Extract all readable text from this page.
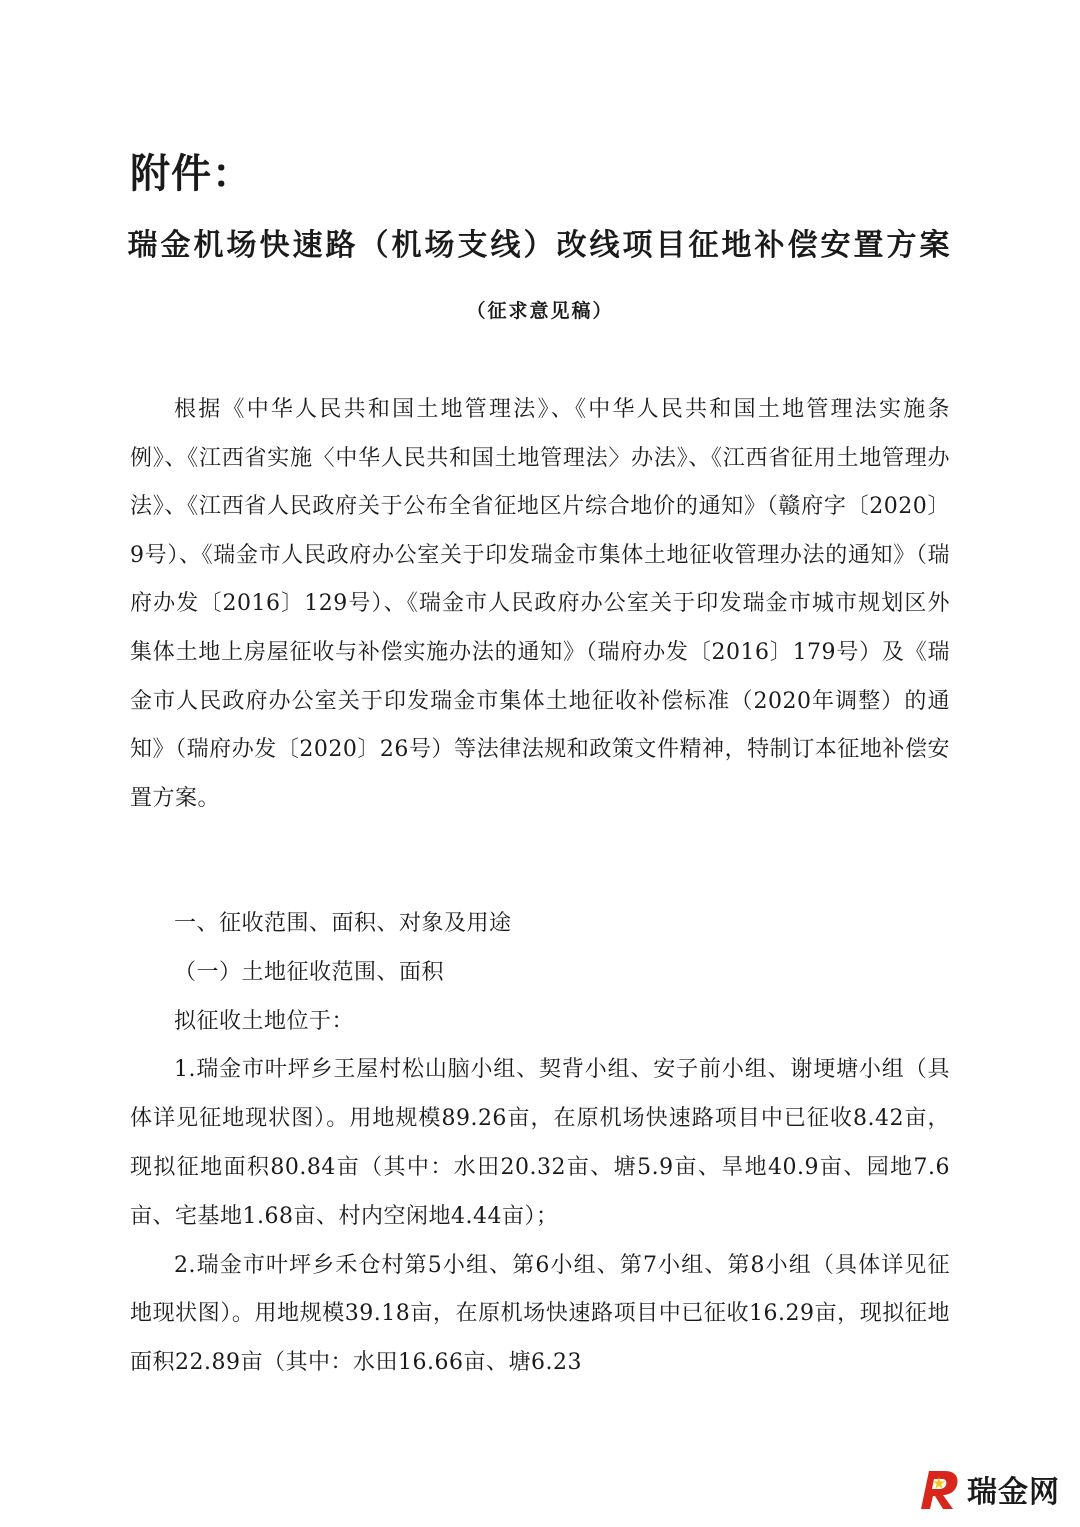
附件：
瑞金机场快速路（机场支线）改线项目征地补偿安置方案
（征求意见稿）

根据《中华人民共和国土地管理法》、《中华人民共和国土地管理法实施条例》、《江西省实施〈中华人民共和国土地管理法〉办法》、《江西省征用土地管理办法》、《江西省人民政府关于公布全省征地区片综合地价的通知》（赣府字〔2020〕9号）、《瑞金市人民政府办公室关于印发瑞金市集体土地征收管理办法的通知》（瑞府办发〔2016〕129号）、《瑞金市人民政府办公室关于印发瑞金市城市规划区外集体土地上房屋征收与补偿实施办法的通知》（瑞府办发〔2016〕179号）及《瑞金市人民政府办公室关于印发瑞金市集体土地征收补偿标准（2020年调整）的通知》（瑞府办发〔2020〕26号）等法律法规和政策文件精神，特制订本征地补偿安置方案。

一、征收范围、面积、对象及用途

（一）土地征收范围、面积

拟征收土地位于：

1.瑞金市叶坪乡王屋村松山脑小组、契背小组、安子前小组、谢埂塘小组（具体详见征地现状图）。用地规模89.26亩，在原机场快速路项目中已征收8.42亩，现拟征地面积80.84亩（其中：水田20.32亩、塘5.9亩、旱地40.9亩、园地7.6亩、宅基地1.68亩、村内空闲地4.44亩）；

2.瑞金市叶坪乡禾仓村第5小组、第6小组、第7小组、第8小组（具体详见征地现状图）。用地规模39.18亩，在原机场快速路项目中已征收16.29亩，现拟征地面积22.89亩（其中：水田16.66亩、塘6.23

瑞金网
